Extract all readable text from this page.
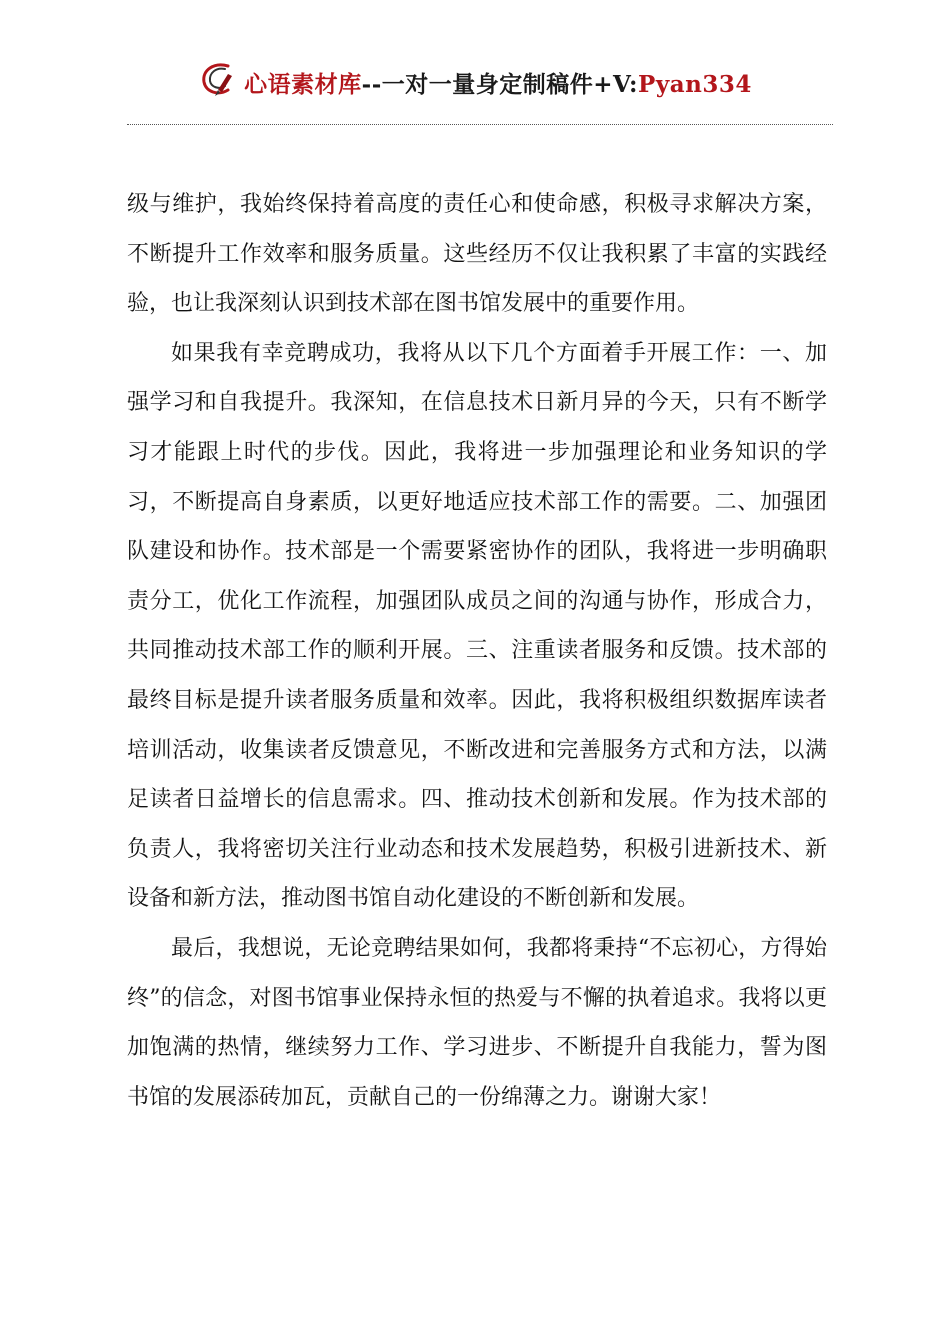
心语素材库--一对一量身定制稿件+V:Pyan334

级与维护，我始终保持着高度的责任心和使命感，积极寻求解决方案，不断提升工作效率和服务质量。这些经历不仅让我积累了丰富的实践经验，也让我深刻认识到技术部在图书馆发展中的重要作用。

如果我有幸竞聘成功，我将从以下几个方面着手开展工作：一、加强学习和自我提升。我深知，在信息技术日新月异的今天，只有不断学习才能跟上时代的步伐。因此，我将进一步加强理论和业务知识的学习，不断提高自身素质，以更好地适应技术部工作的需要。二、加强团队建设和协作。技术部是一个需要紧密协作的团队，我将进一步明确职责分工，优化工作流程，加强团队成员之间的沟通与协作，形成合力，共同推动技术部工作的顺利开展。三、注重读者服务和反馈。技术部的最终目标是提升读者服务质量和效率。因此，我将积极组织数据库读者培训活动，收集读者反馈意见，不断改进和完善服务方式和方法，以满足读者日益增长的信息需求。四、推动技术创新和发展。作为技术部的负责人，我将密切关注行业动态和技术发展趋势，积极引进新技术、新设备和新方法，推动图书馆自动化建设的不断创新和发展。

最后，我想说，无论竞聘结果如何，我都将秉持“不忘初心，方得始终”的信念，对图书馆事业保持永恒的热爱与不懈的执着追求。我将以更加饱满的热情，继续努力工作、学习进步、不断提升自我能力，誓为图书馆的发展添砖加瓦，贡献自己的一份绵薄之力。谢谢大家！
